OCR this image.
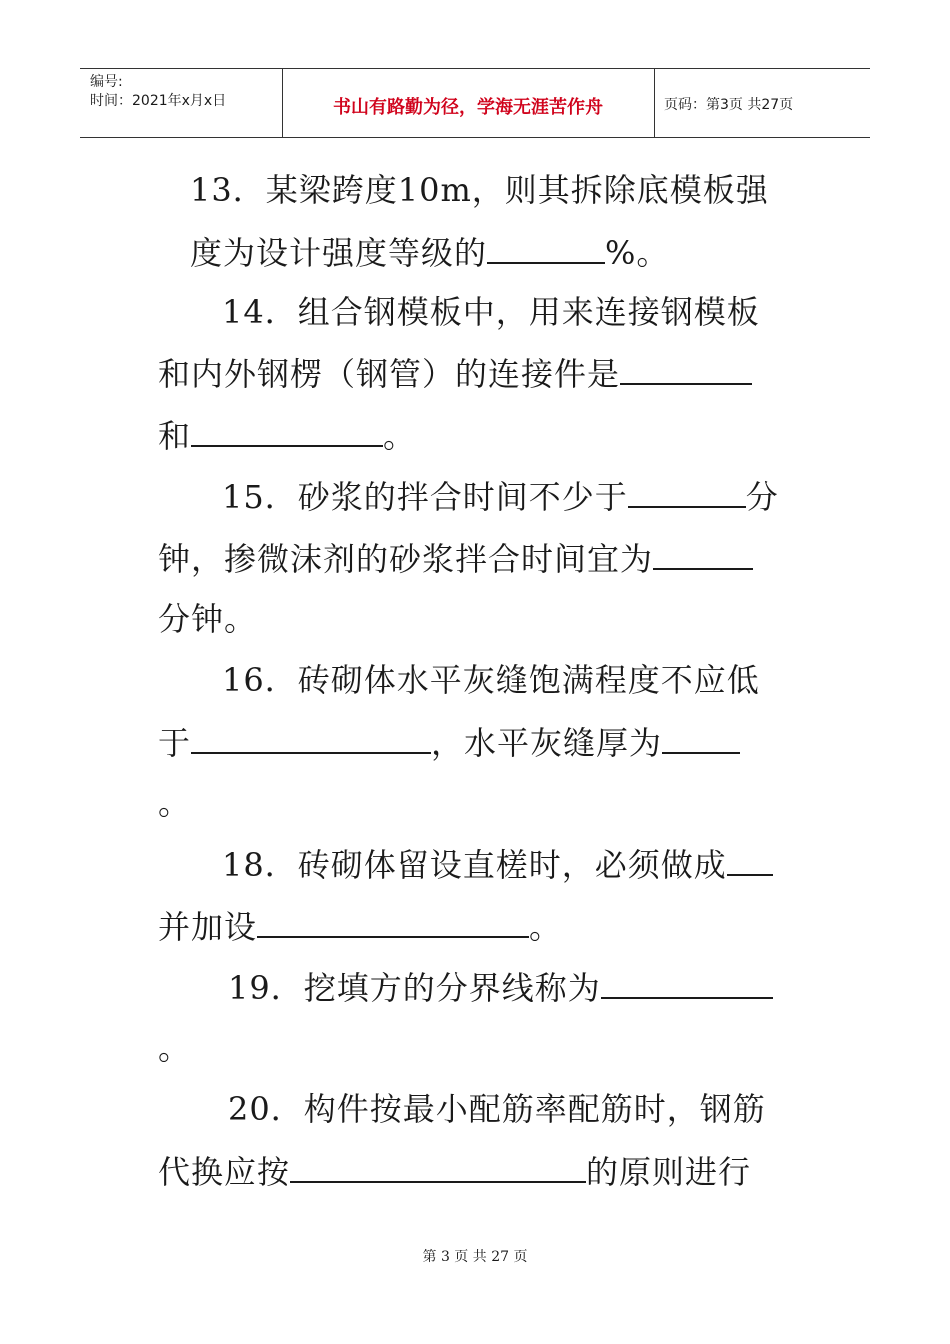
编号:
时间：2021年x月x日	书山有路勤为径，学海无涯苦作舟	页码：第3页 共27页
13．某梁跨度10m，则其拆除底模板强
度为设计强度等级的	%。
14．组合钢模板中，用来连接钢模板
和内外钢楞（钢管）的连接件是
和	。
15．砂浆的拌合时间不少于	分
钟，掺微沫剂的砂浆拌合时间宜为
分钟。
16．砖砌体水平灰缝饱满程度不应低
于	，水平灰缝厚为
。
18．砖砌体留设直槎时，必须做成
并加设	。
19．挖填方的分界线称为
。
20．构件按最小配筋率配筋时，钢筋
代换应按	的原则进行
第 3 页 共 27 页
